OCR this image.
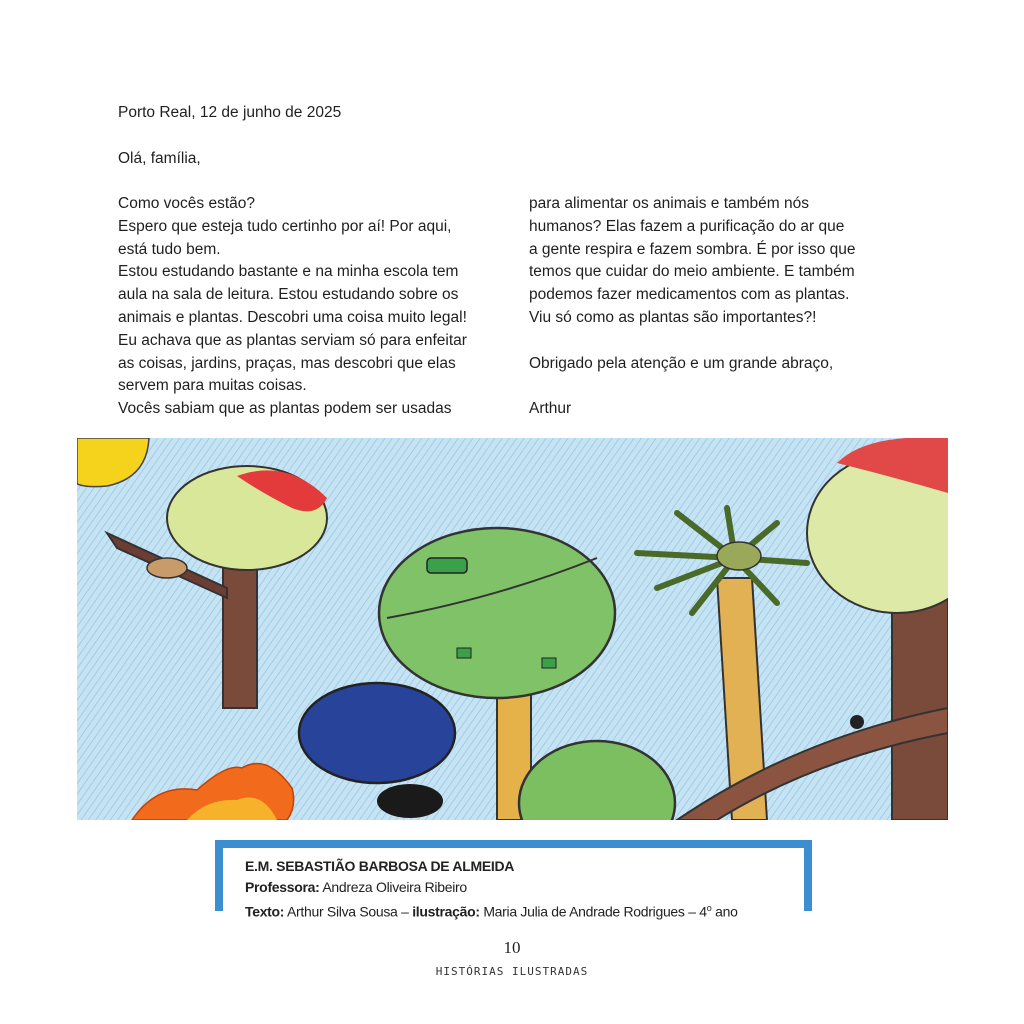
Porto Real, 12 de junho de 2025
Olá, família,
Como vocês estão?
Espero que esteja tudo certinho por aí! Por aqui,
está tudo bem.
Estou estudando bastante e na minha escola tem
aula na sala de leitura. Estou estudando sobre os
animais e plantas. Descobri uma coisa muito legal!
Eu achava que as plantas serviam só para enfeitar
as coisas, jardins, praças, mas descobri que elas
servem para muitas coisas.
Vocês sabiam que as plantas podem ser usadas
para alimentar os animais e também nós
humanos? Elas fazem a purificação do ar que
a gente respira e fazem sombra. É por isso que
temos que cuidar do meio ambiente. E também
podemos fazer medicamentos com as plantas.
Viu só como as plantas são importantes?!
Obrigado pela atenção e um grande abraço,
Arthur
E.M. SEBASTIÃO BARBOSA DE ALMEIDA
Professora: Andreza Oliveira Ribeiro
Texto: Arthur Silva Sousa – ilustração: Maria Julia de Andrade Rodrigues – 4$^o$ ano
10
HISTÓRIAS ILUSTRADAS
